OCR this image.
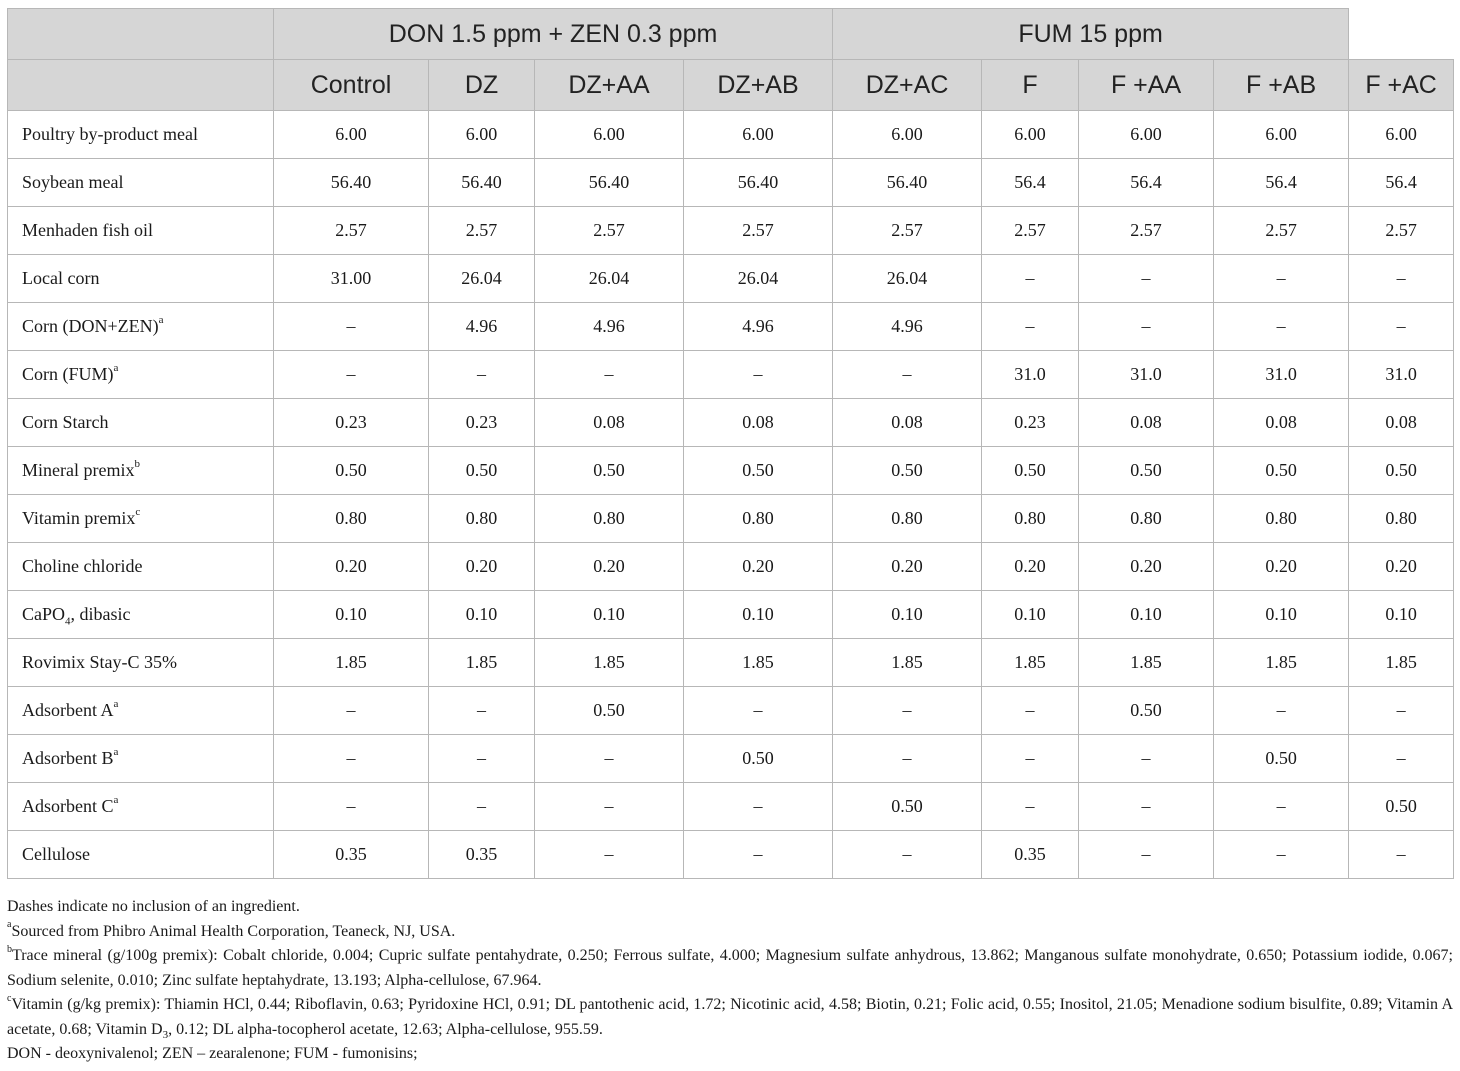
	DON 1.5 ppm + ZEN 0.3 ppm				FUM 15 ppm				
	Control	DZ	DZ+AA	DZ+AB	DZ+AC	F	F +AA	F +AB	F +AC
Poultry by-product meal	6.00	6.00	6.00	6.00	6.00	6.00	6.00	6.00	6.00
Soybean meal	56.40	56.40	56.40	56.40	56.40	56.4	56.4	56.4	56.4
Menhaden fish oil	2.57	2.57	2.57	2.57	2.57	2.57	2.57	2.57	2.57
Local corn	31.00	26.04	26.04	26.04	26.04	–	–	–	–
Corn $(DON+ZEN)^a$	–	4.96	4.96	4.96	4.96	–	–	–	–
Corn (FUM)$^a$	–	–	–	–	–	31.0	31.0	31.0	31.0
Corn Starch	0.23	0.23	0.08	0.08	0.08	0.23	0.08	0.08	0.08
Mineral premix$^b$	0.50	0.50	0.50	0.50	0.50	0.50	0.50	0.50	0.50
Vitamin premix$^c$	0.80	0.80	0.80	0.80	0.80	0.80	0.80	0.80	0.80
Choline chloride	0.20	0.20	0.20	0.20	0.20	0.20	0.20	0.20	0.20
CaPO$_4$, dibasic	0.10	0.10	0.10	0.10	0.10	0.10	0.10	0.10	0.10
Rovimix Stay-C 35%	1.85	1.85	1.85	1.85	1.85	1.85	1.85	1.85	1.85
Adsorbent $A^a$	–	–	0.50	–	–	–	0.50	–	–
Adsorbent $B^a$	–	–	–	0.50	–	–	–	0.50	–
Adsorbent $C^a$	–	–	–	–	0.50	–	–	–	0.50
Cellulose	0.35	0.35	–	–	–	0.35	–	–	–

Dashes indicate no inclusion of an ingredient.

$^a$Sourced from Phibro Animal Health Corporation, Teaneck, NJ, USA.

$^b$Trace mineral (g/100g premix): Cobalt chloride, 0.004; Cupric sulfate pentahydrate, 0.250; Ferrous sulfate, 4.000; Magnesium sulfate anhydrous, 13.862; Manganous sulfate monohydrate, 0.650; Potassium iodide, 0.067; Sodium selenite, 0.010; Zinc sulfate heptahydrate, 13.193; Alpha-cellulose, 67.964.

$^c$Vitamin (g/kg premix): Thiamin HCl, 0.44; Riboflavin, 0.63; Pyridoxine HCl, 0.91; DL pantothenic acid, 1.72; Nicotinic acid, 4.58; Biotin, 0.21; Folic acid, 0.55; Inositol, 21.05; Menadione sodium bisulfite, 0.89; Vitamin A acetate, 0.68; Vitamin $D_3$, 0.12; DL alpha-tocopherol acetate, 12.63; Alpha-cellulose, 955.59.

DON - deoxynivalenol; ZEN – zearalenone; FUM - fumonisins;
